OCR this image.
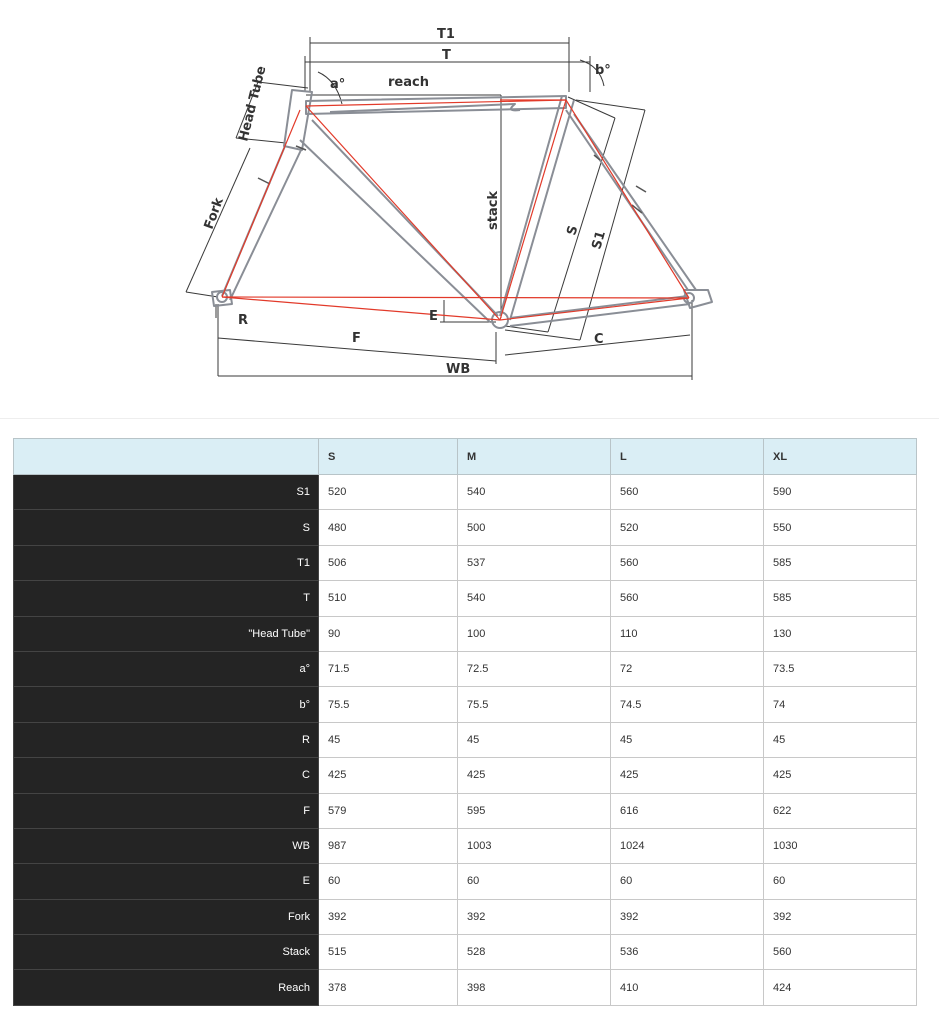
T1
T
a°	reach
b°
Head Tube
Fork	stack
S S1
R	E
F	C
WB
	S	M	L	XL
S1	520	540	560	590
S	480	500	520	550
T1	506	537	560	585
T	510	540	560	585
"Head Tube"	90	100	110	130
a°	71.5	72.5	72	73.5
b°	75.5	75.5	74.5	74
R	45	45	45	45
C	425	425	425	425
F	579	595	616	622
WB	987	1003	1024	1030
E	60	60	60	60
Fork	392	392	392	392
Stack	515	528	536	560
Reach	378	398	410	424
